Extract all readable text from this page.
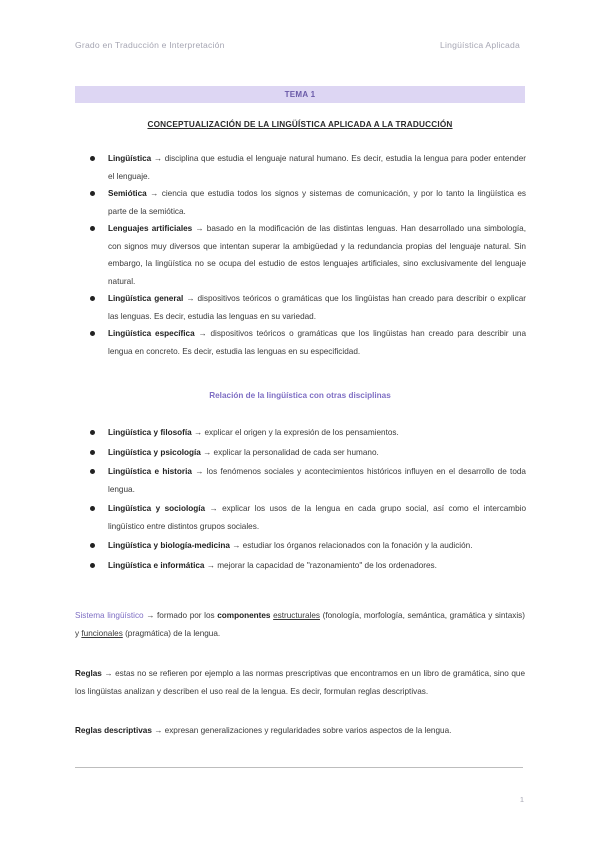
Grado en Traducción e Interpretación	Lingüística Aplicada
TEMA 1
CONCEPTUALIZACIÓN DE LA LINGÜÍSTICA APLICADA A LA TRADUCCIÓN
Lingüística → disciplina que estudia el lenguaje natural humano. Es decir, estudia la lengua para poder entender el lenguaje.
Semiótica → ciencia que estudia todos los signos y sistemas de comunicación, y por lo tanto la lingüística es parte de la semiótica.
Lenguajes artificiales → basado en la modificación de las distintas lenguas. Han desarrollado una simbología, con signos muy diversos que intentan superar la ambigüedad y la redundancia propias del lenguaje natural. Sin embargo, la lingüística no se ocupa del estudio de estos lenguajes artificiales, sino exclusivamente del lenguaje natural.
Lingüística general → dispositivos teóricos o gramáticas que los lingüistas han creado para describir o explicar las lenguas. Es decir, estudia las lenguas en su variedad.
Lingüística específica → dispositivos teóricos o gramáticas que los lingüistas han creado para describir una lengua en concreto. Es decir, estudia las lenguas en su especificidad.
Relación de la lingüística con otras disciplinas
Lingüística y filosofía → explicar el origen y la expresión de los pensamientos.
Lingüística y psicología → explicar la personalidad de cada ser humano.
Lingüística e historia → los fenómenos sociales y acontecimientos históricos influyen en el desarrollo de toda lengua.
Lingüística y sociología → explicar los usos de la lengua en cada grupo social, así como el intercambio lingüístico entre distintos grupos sociales.
Lingüística y biología-medicina → estudiar los órganos relacionados con la fonación y la audición.
Lingüística e informática → mejorar la capacidad de "razonamiento" de los ordenadores.

Sistema lingüístico → formado por los componentes estructurales (fonología, morfología, semántica, gramática y sintaxis) y funcionales (pragmática) de la lengua.

Reglas → estas no se refieren por ejemplo a las normas prescriptivas que encontramos en un libro de gramática, sino que los lingüistas analizan y describen el uso real de la lengua. Es decir, formulan reglas descriptivas.

Reglas descriptivas → expresan generalizaciones y regularidades sobre varios aspectos de la lengua.

1
